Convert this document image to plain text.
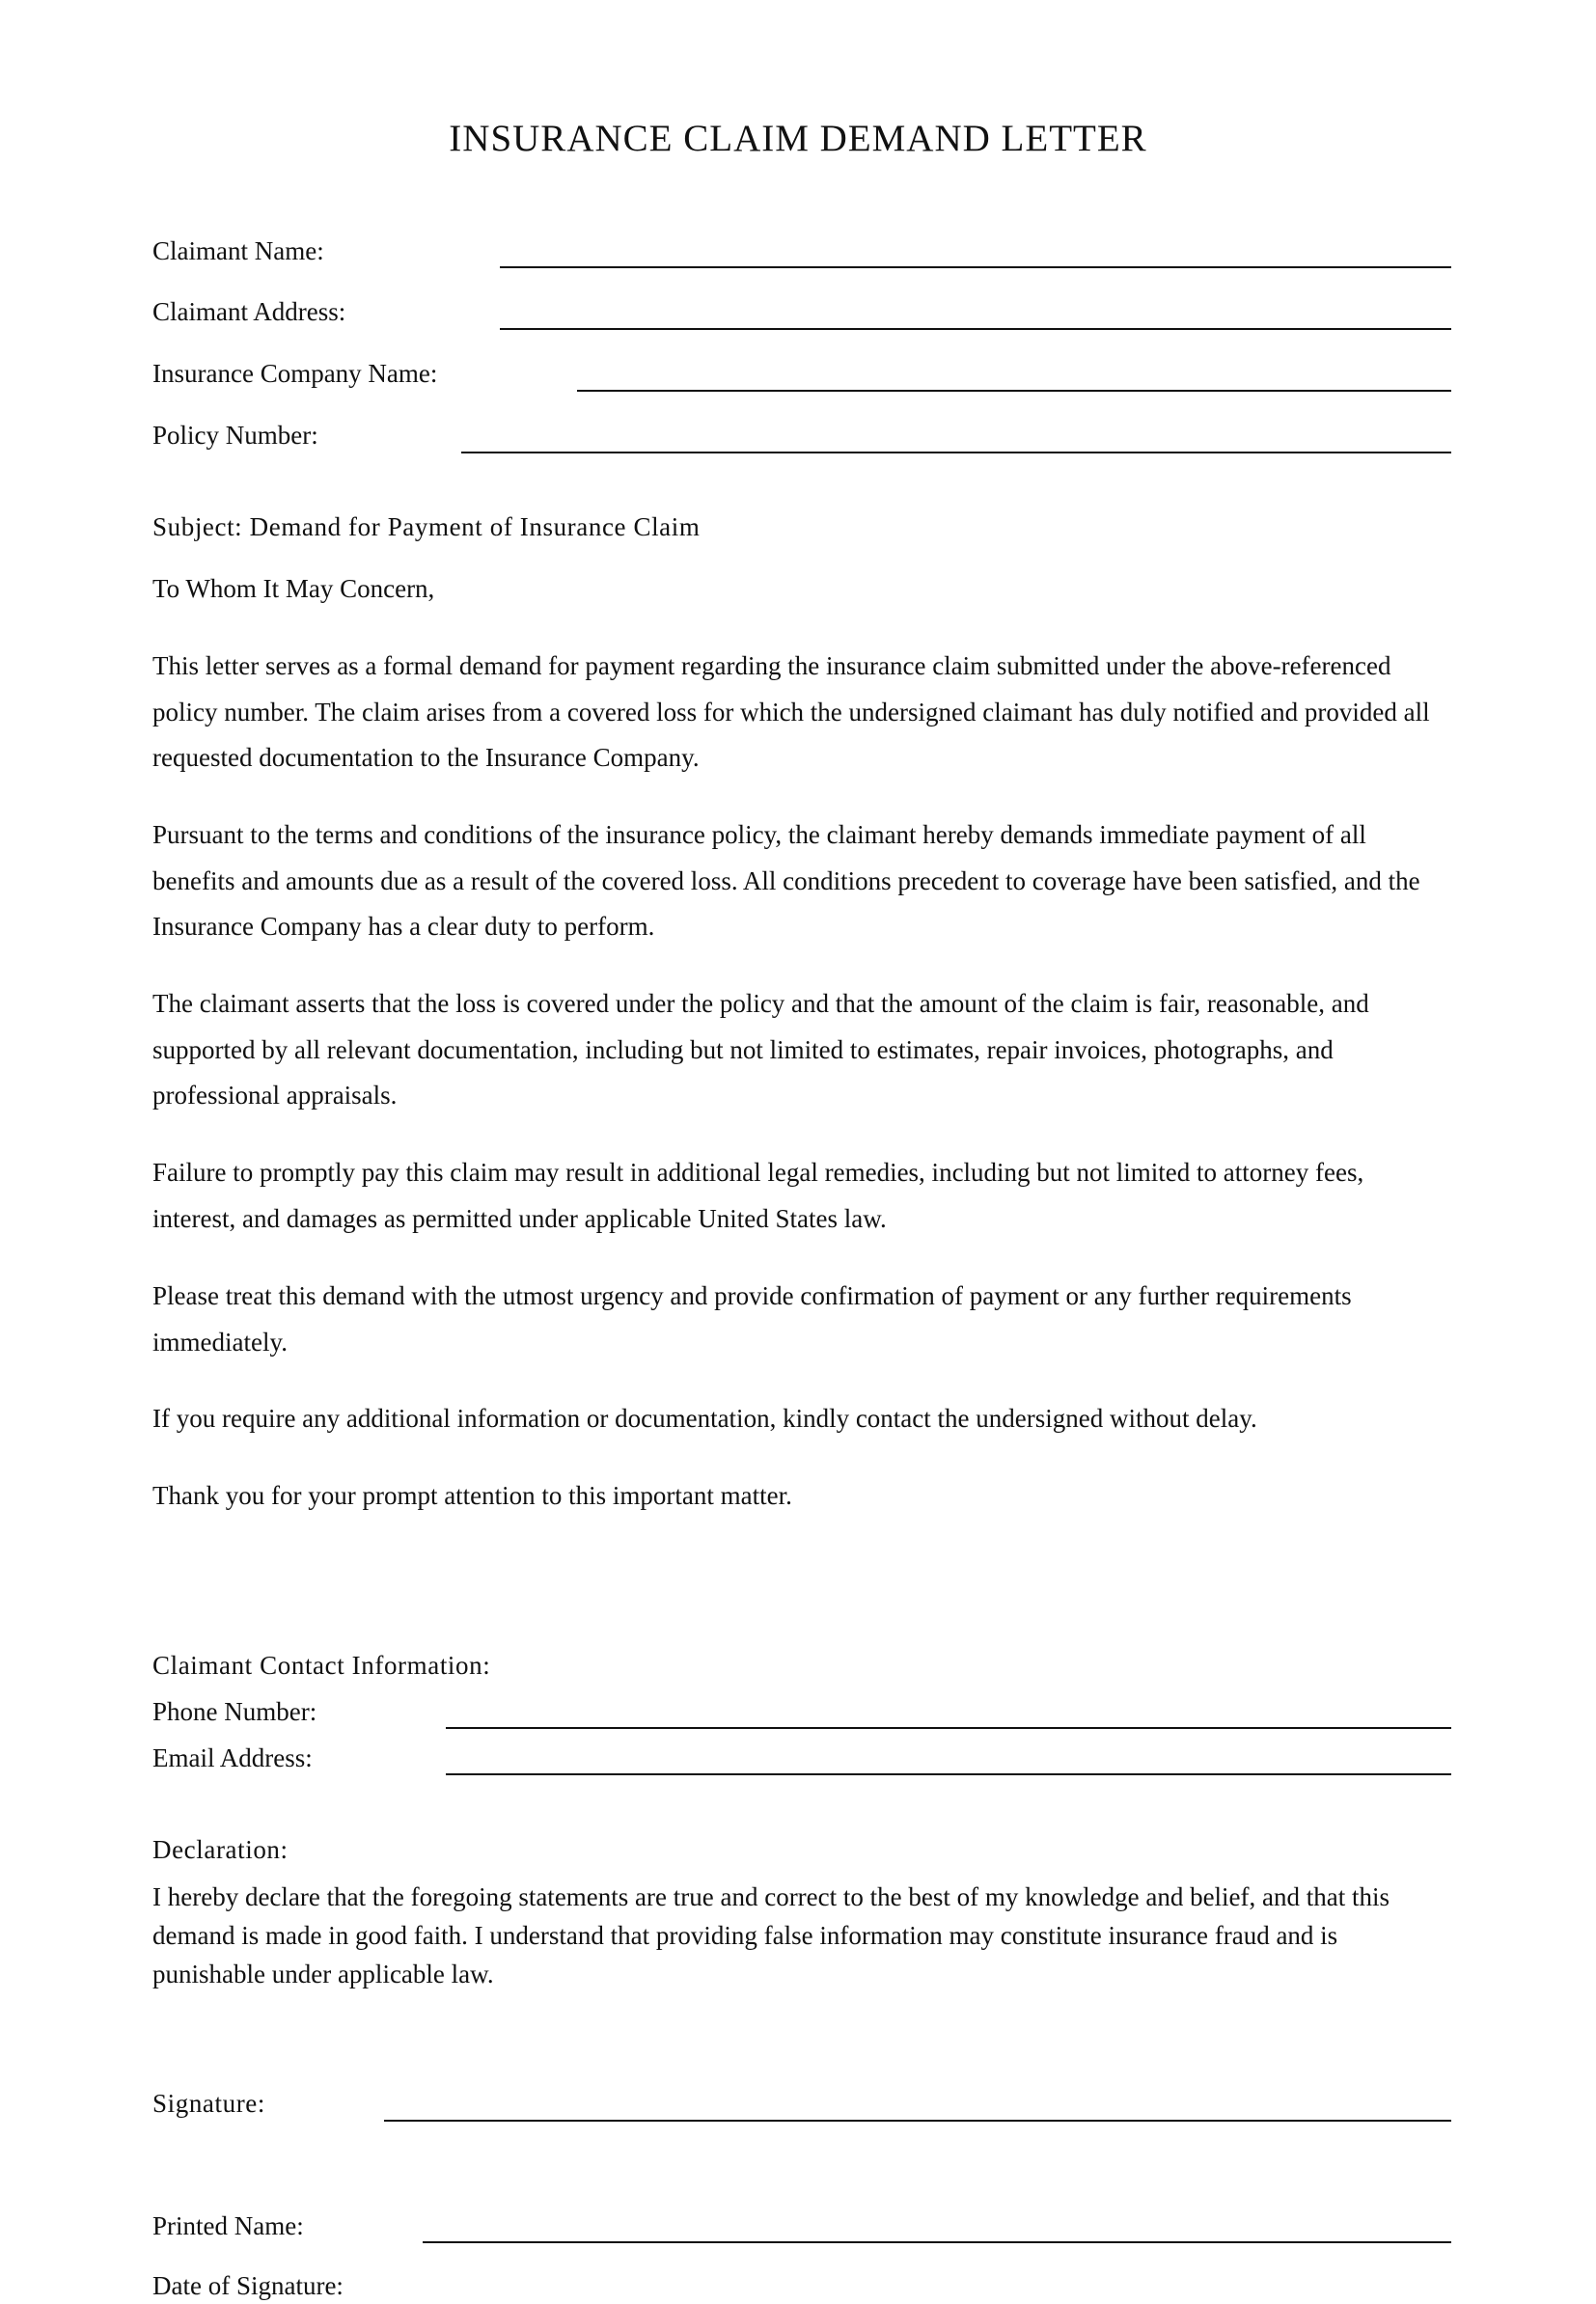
INSURANCE CLAIM DEMAND LETTER
Claimant Name:
Claimant Address:
Insurance Company Name:
Policy Number:
Subject: Demand for Payment of Insurance Claim
To Whom It May Concern,
This letter serves as a formal demand for payment regarding the insurance claim submitted under the above-referenced policy number. The claim arises from a covered loss for which the undersigned claimant has duly notified and provided all requested documentation to the Insurance Company.
Pursuant to the terms and conditions of the insurance policy, the claimant hereby demands immediate payment of all benefits and amounts due as a result of the covered loss. All conditions precedent to coverage have been satisfied, and the Insurance Company has a clear duty to perform.
The claimant asserts that the loss is covered under the policy and that the amount of the claim is fair, reasonable, and supported by all relevant documentation, including but not limited to estimates, repair invoices, photographs, and professional appraisals.
Failure to promptly pay this claim may result in additional legal remedies, including but not limited to attorney fees, interest, and damages as permitted under applicable United States law.
Please treat this demand with the utmost urgency and provide confirmation of payment or any further requirements immediately.
If you require any additional information or documentation, kindly contact the undersigned without delay.
Thank you for your prompt attention to this important matter.
Claimant Contact Information:
Phone Number:
Email Address:
Declaration:
I hereby declare that the foregoing statements are true and correct to the best of my knowledge and belief, and that this demand is made in good faith. I understand that providing false information may constitute insurance fraud and is punishable under applicable law.
Signature:
Printed Name:
Date of Signature:
